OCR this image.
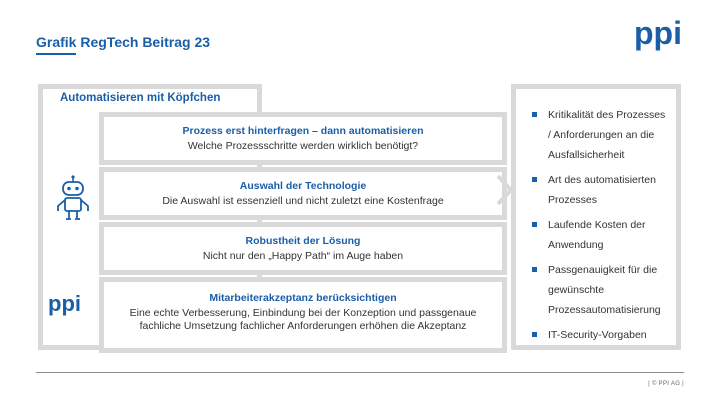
Grafik RegTech Beitrag 23	ppi
Automatisieren mit Köpfchen
ppi
Prozess erst hinterfragen – dann automatisieren
Welche Prozessschritte werden wirklich benötigt?
Auswahl der Technologie
Die Auswahl ist essenziell und nicht zuletzt eine Kostenfrage
Robustheit der Lösung
Nicht nur den „Happy Path“ im Auge haben
Mitarbeiterakzeptanz berücksichtigen
Eine echte Verbesserung, Einbindung bei der Konzeption und passgenaue
fachliche Umsetzung fachlicher Anforderungen erhöhen die Akzeptanz
Kritikalität des Prozesses
/ Anforderungen an die
Ausfallsicherheit
Art des automatisierten
Prozesses
Laufende Kosten der
Anwendung
Passgenauigkeit für die
gewünschte
Prozessautomatisierung
IT-Security-Vorgaben
| © PPI AG |
